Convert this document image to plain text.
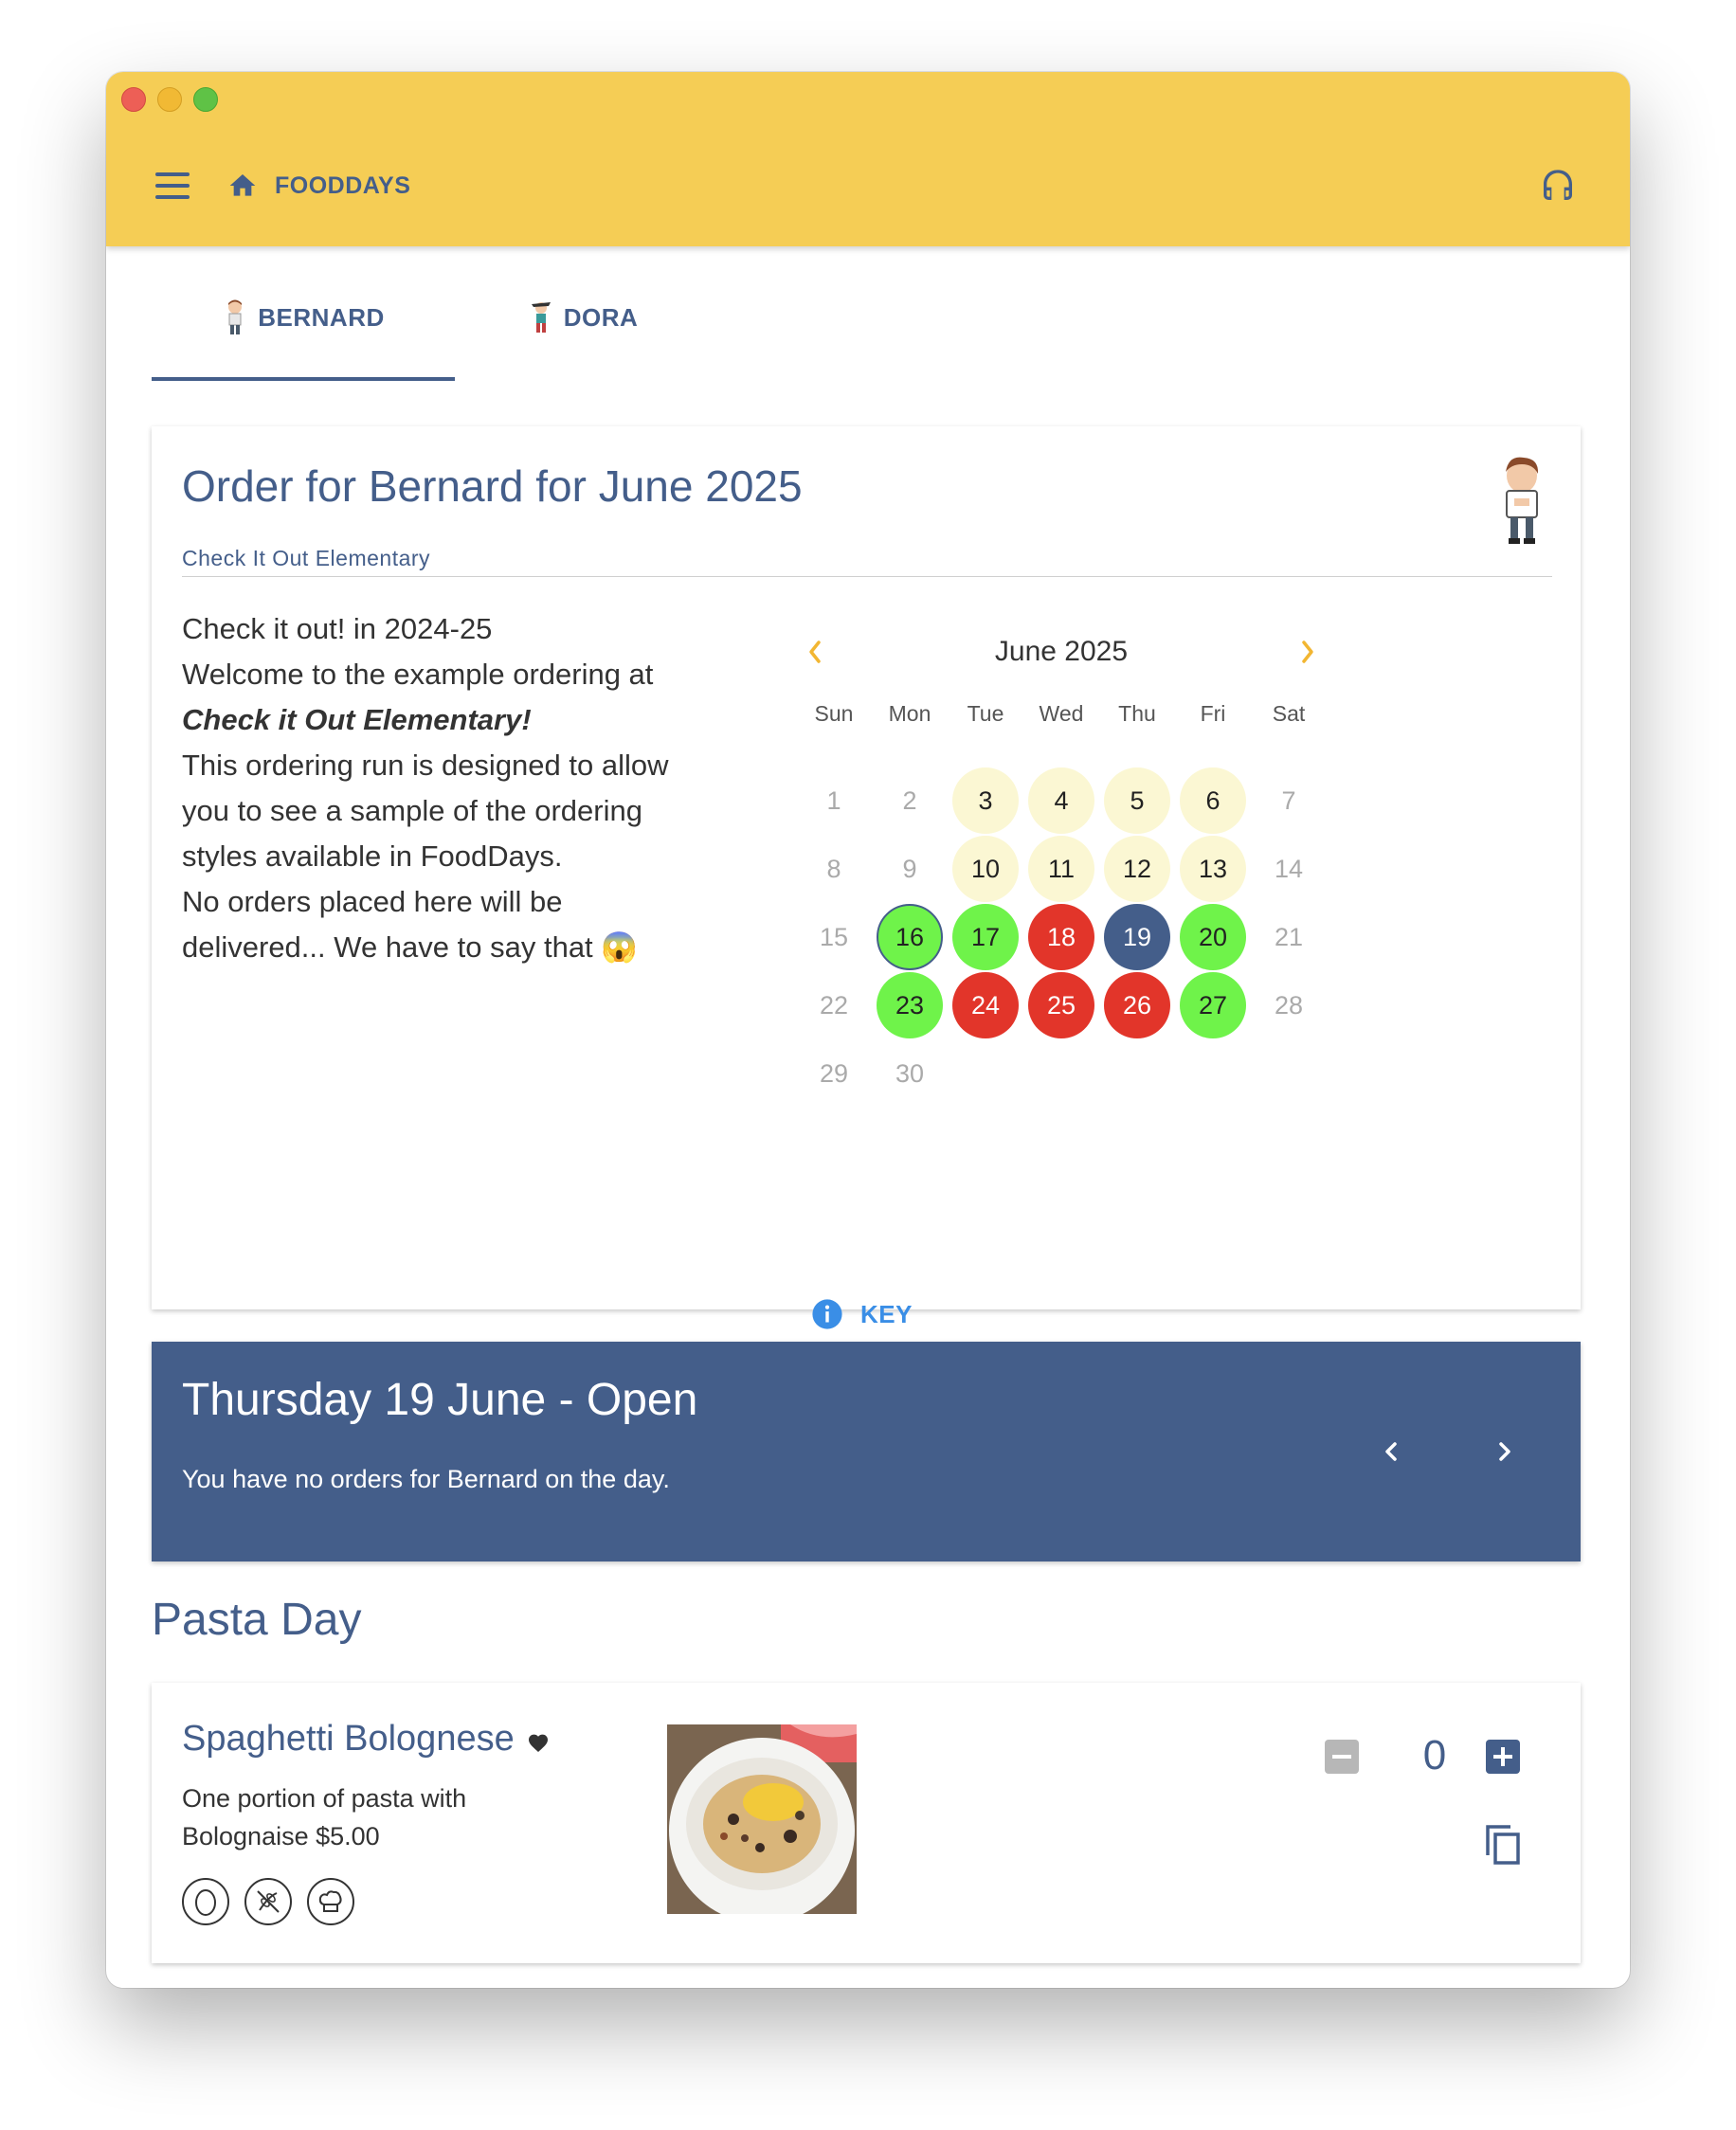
FOODDAYS
BERNARD	DORA
Order for Bernard for June 2025
Check It Out Elementary
Check it out! in 2024-25
Welcome to the example ordering at
Check it Out Elementary!
This ordering run is designed to allow
you to see a sample of the ordering
styles available in FoodDays.
No orders placed here will be
delivered... We have to say that 😱
June 2025
Sun	Mon	Tue	Wed	Thu	Fri	Sat
1	2	3	4	5	6	7
8	9	10	11	12	13	14
15	16	17	18	19	20	21
22	23	24	25	26	27	28
29	30
KEY
Thursday 19 June - Open
You have no orders for Bernard on the day.
Pasta Day
Spaghetti Bolognese
One portion of pasta with Bolognaise $5.00
0
